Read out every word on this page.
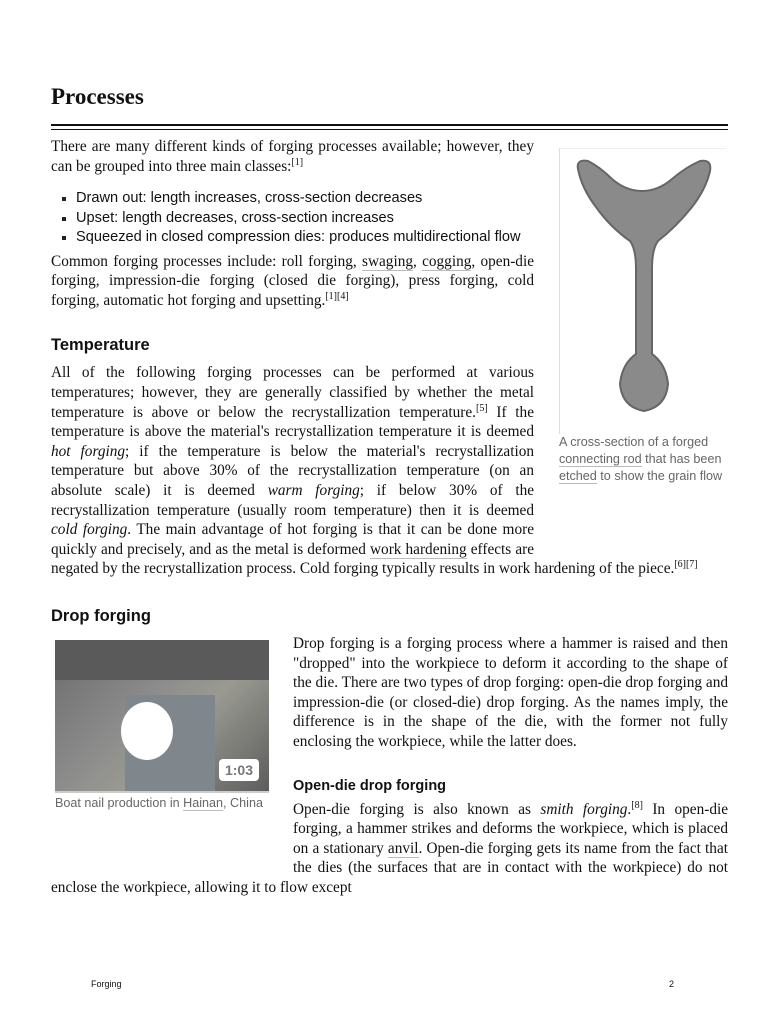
Processes
A cross-section of a forged connecting rod that has been etched to show the grain flow

There are many different kinds of forging processes available; however, they can be grouped into three main classes:[1]

Drawn out: length increases, cross-section decreases
Upset: length decreases, cross-section increases
Squeezed in closed compression dies: produces multidirectional flow

Common forging processes include: roll forging, swaging, cogging, open-die forging, impression-die forging (closed die forging), press forging, cold forging, automatic hot forging and upsetting.[1][4]

Temperature

All of the following forging processes can be performed at various temperatures; however, they are generally classified by whether the metal temperature is above or below the recrystallization temperature.[5] If the temperature is above the material's recrystallization temperature it is deemed hot forging; if the temperature is below the material's recrystallization temperature but above 30% of the recrystallization temperature (on an absolute scale) it is deemed warm forging; if below 30% of the recrystallization temperature (usually room temperature) then it is deemed cold forging. The main advantage of hot forging is that it can be done more quickly and precisely, and as the metal is deformed work hardening effects are negated by the recrystallization process. Cold forging typically results in work hardening of the piece.[6][7]

Drop forging
1:03
Boat nail production in Hainan, China

Drop forging is a forging process where a hammer is raised and then "dropped" into the workpiece to deform it according to the shape of the die. There are two types of drop forging: open-die drop forging and impression-die (or closed-die) drop forging. As the names imply, the difference is in the shape of the die, with the former not fully enclosing the workpiece, while the latter does.

Open-die drop forging

Open-die forging is also known as smith forging.[8] In open-die forging, a hammer strikes and deforms the workpiece, which is placed on a stationary anvil. Open-die forging gets its name from the fact that the dies (the surfaces that are in contact with the workpiece) do not enclose the workpiece, allowing it to flow except

Forging	2
